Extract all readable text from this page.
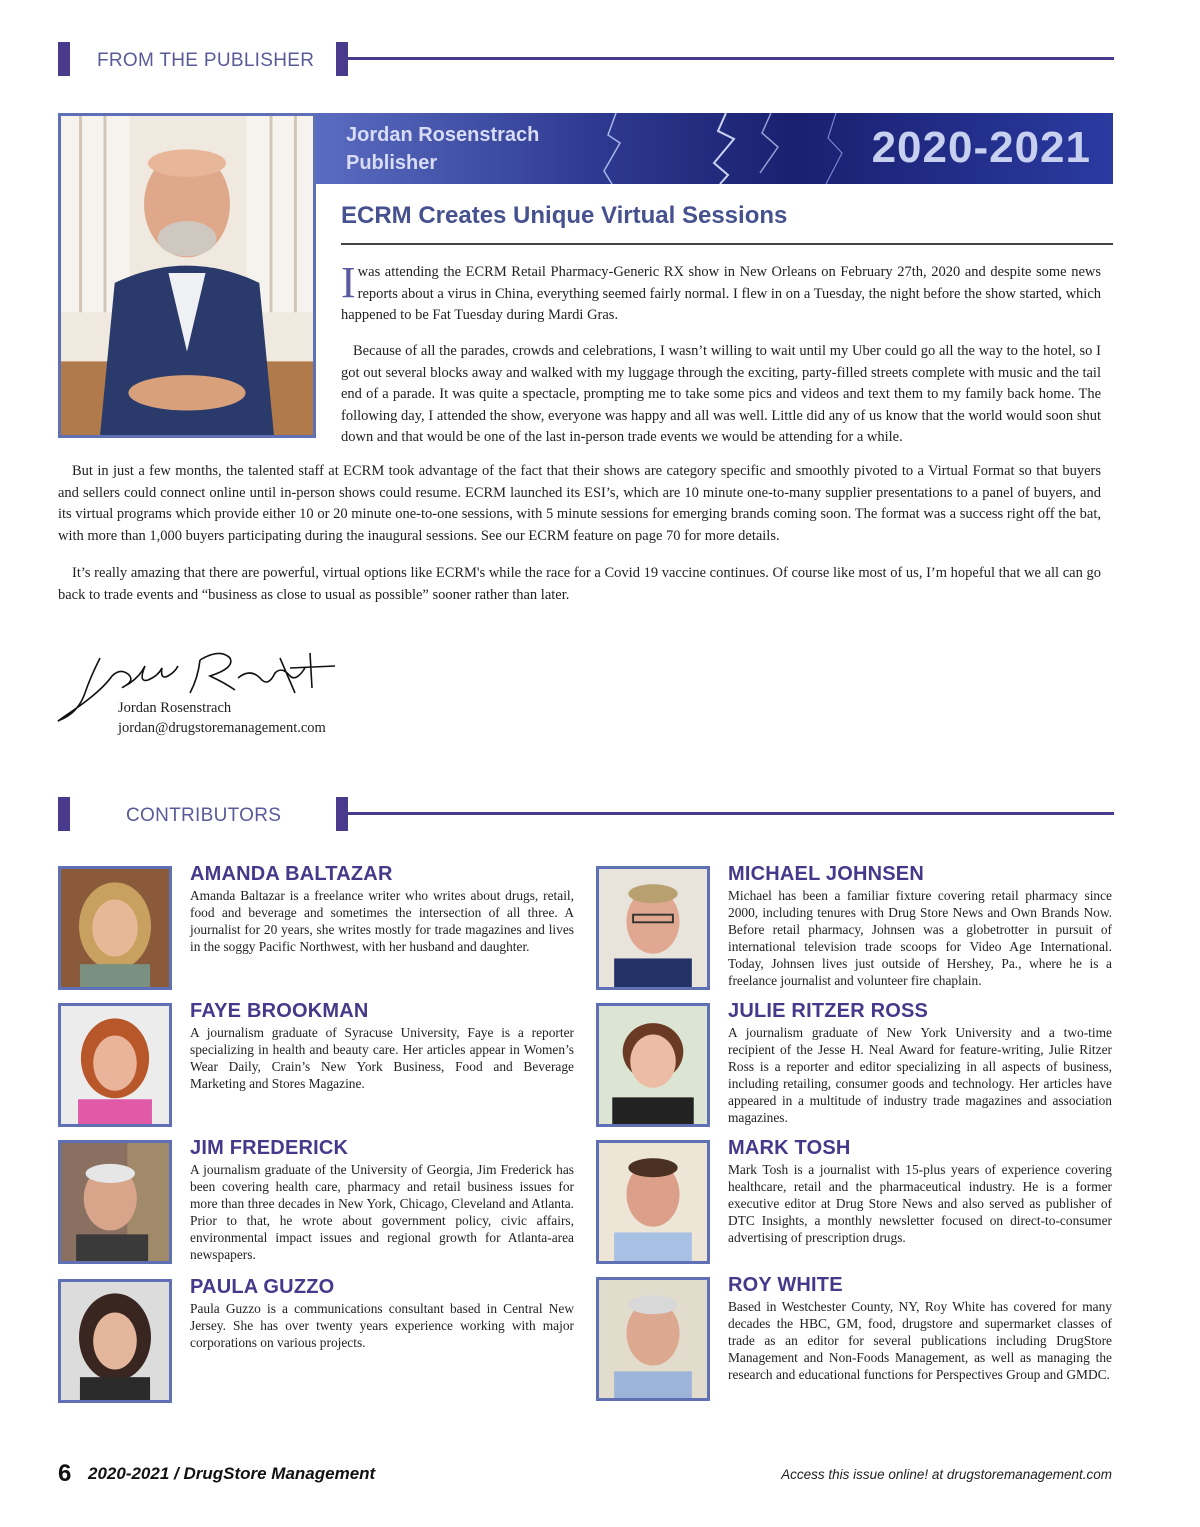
FROM THE PUBLISHER
Jordan Rosenstrach
Publisher	2020-2021
ECRM Creates Unique Virtual Sessions
Iwas attending the ECRM Retail Pharmacy-Generic RX show in New Orleans on February 27th, 2020 and despite some news reports about a virus in China, everything seemed fairly normal. I flew in on a Tuesday, the night before the show started, which happened to be Fat Tuesday during Mardi Gras.
Because of all the parades, crowds and celebrations, I wasn’t willing to wait until my Uber could go all the way to the hotel, so I got out several blocks away and walked with my luggage through the exciting, party-filled streets complete with music and the tail end of a parade. It was quite a spectacle, prompting me to take some pics and videos and text them to my family back home. The following day, I attended the show, everyone was happy and all was well. Little did any of us know that the world would soon shut down and that would be one of the last in-person trade events we would be attending for a while.
But in just a few months, the talented staff at ECRM took advantage of the fact that their shows are category specific and smoothly pivoted to a Virtual Format so that buyers and sellers could connect online until in-person shows could resume. ECRM launched its ESI’s, which are 10 minute one-to-many supplier presentations to a panel of buyers, and its virtual programs which provide either 10 or 20 minute one-to-one sessions, with 5 minute sessions for emerging brands coming soon. The format was a success right off the bat, with more than 1,000 buyers participating during the inaugural sessions. See our ECRM feature on page 70 for more details.
It’s really amazing that there are powerful, virtual options like ECRM's while the race for a Covid 19 vaccine continues. Of course like most of us, I’m hopeful that we all can go back to trade events and “business as close to usual as possible” sooner rather than later.
Jordan Rosenstrach
jordan@drugstoremanagement.com
CONTRIBUTORS
AMANDA BALTAZAR
Amanda Baltazar is a freelance writer who writes about drugs, retail, food and beverage and sometimes the intersection of all three. A journalist for 20 years, she writes mostly for trade magazines and lives in the soggy Pacific Northwest, with her husband and daughter.
FAYE BROOKMAN
A journalism graduate of Syracuse University, Faye is a reporter specializing in health and beauty care. Her articles appear in Women’s Wear Daily, Crain’s New York Business, Food and Beverage Marketing and Stores Magazine.
JIM FREDERICK
A journalism graduate of the University of Georgia, Jim Frederick has been covering health care, pharmacy and retail business issues for more than three decades in New York, Chicago, Cleveland and Atlanta. Prior to that, he wrote about government policy, civic affairs, environmental impact issues and regional growth for Atlanta-area newspapers.
PAULA GUZZO
Paula Guzzo is a communications consultant based in Central New Jersey. She has over twenty years experience working with major corporations on various projects.
MICHAEL JOHNSEN
Michael has been a familiar fixture covering retail pharmacy since 2000, including tenures with Drug Store News and Own Brands Now. Before retail pharmacy, Johnsen was a globetrotter in pursuit of international television trade scoops for Video Age International. Today, Johnsen lives just outside of Hershey, Pa., where he is a freelance journalist and volunteer fire chaplain.
JULIE RITZER ROSS
A journalism graduate of New York University and a two-time recipient of the Jesse H. Neal Award for feature-writing, Julie Ritzer Ross is a reporter and editor specializing in all aspects of business, including retailing, consumer goods and technology. Her articles have appeared in a multitude of industry trade magazines and association magazines.
MARK TOSH
Mark Tosh is a journalist with 15-plus years of experience covering healthcare, retail and the pharmaceutical industry. He is a former executive editor at Drug Store News and also served as publisher of DTC Insights, a monthly newsletter focused on direct-to-consumer advertising of prescription drugs.
ROY WHITE
Based in Westchester County, NY, Roy White has covered for many decades the HBC, GM, food, drugstore and supermarket classes of trade as an editor for several publications including DrugStore Management and Non-Foods Management, as well as managing the research and educational functions for Perspectives Group and GMDC.
6 2020-2021 / DrugStore Management	Access this issue online! at drugstoremanagement.com
